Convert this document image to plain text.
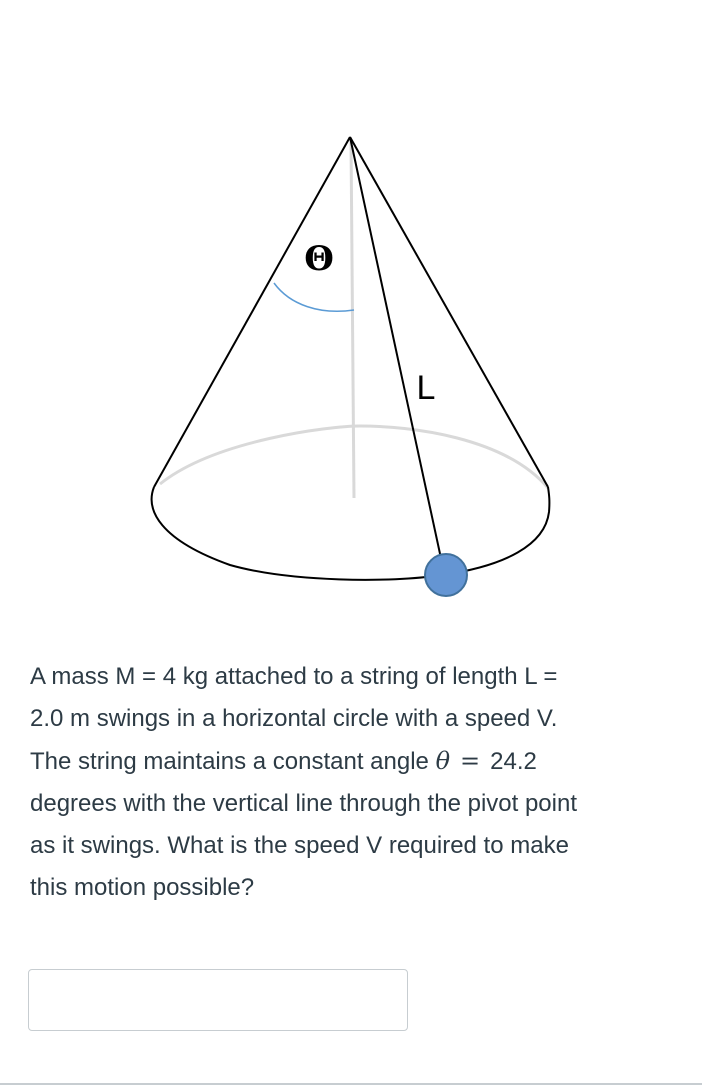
Θ
L
A mass M = 4 kg attached to a string of length L =
2.0 m swings in a horizontal circle with a speed V.
The string maintains a constant angle θ = 24.2
degrees with the vertical line through the pivot point
as it swings. What is the speed V required to make
this motion possible?
